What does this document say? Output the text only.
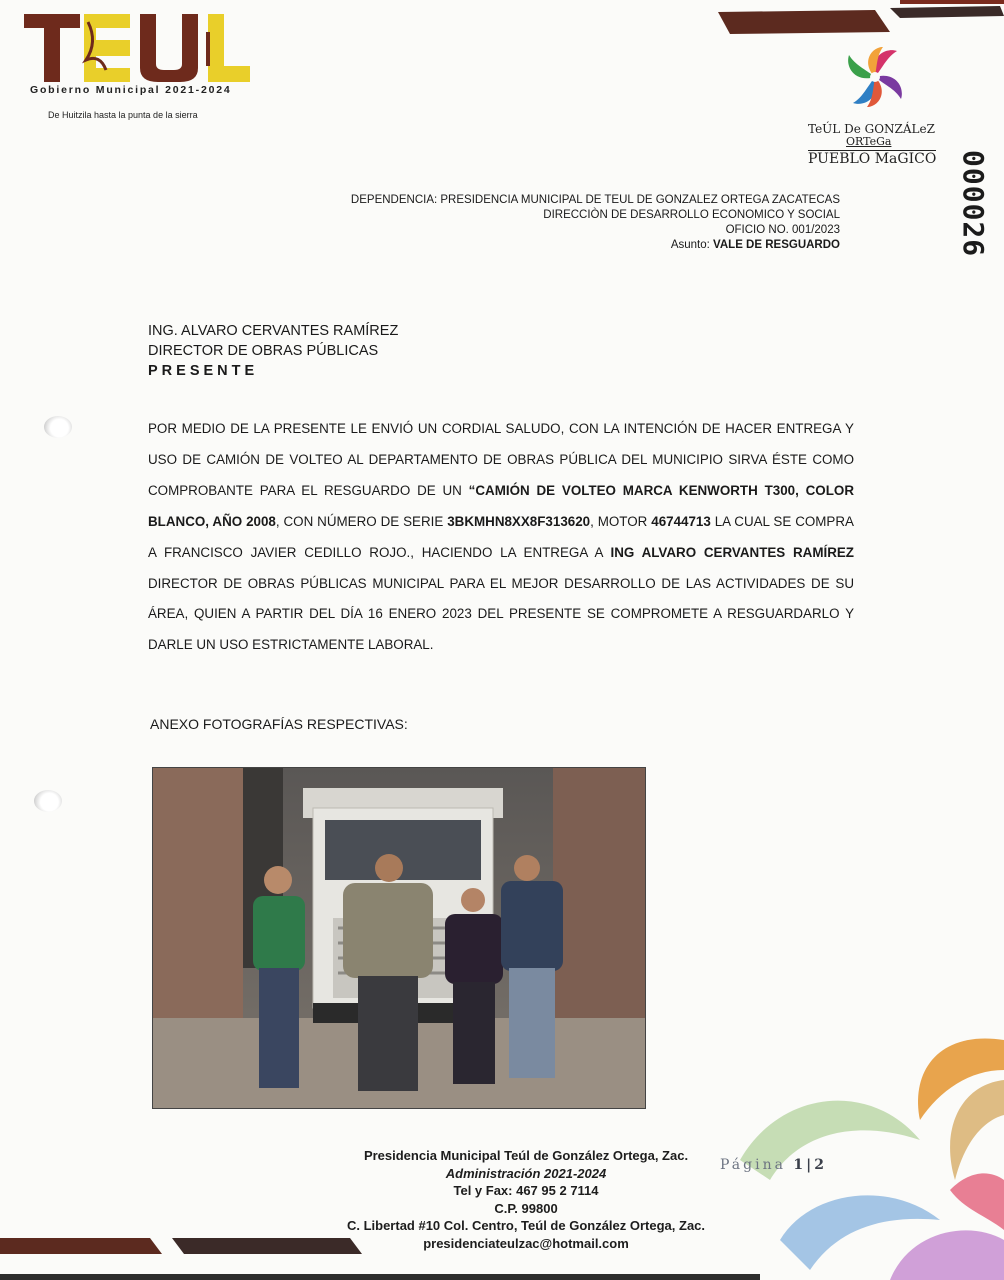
Gobierno Municipal 2021-2024
De Huitzila hasta la punta de la sierra
TeÚL De GONZÁLeZ
ORTeGa
PUEBLO MaGICO 000026
DEPENDENCIA: PRESIDENCIA MUNICIPAL DE TEUL DE GONZALEZ ORTEGA ZACATECAS
DIRECCIÒN DE DESARROLLO ECONOMICO Y SOCIAL
OFICIO NO. 001/2023
Asunto: VALE DE RESGUARDO
ING. ALVARO CERVANTES RAMÍREZ
DIRECTOR DE OBRAS PÚBLICAS
PRESENTE
POR MEDIO DE LA PRESENTE LE ENVIÓ UN CORDIAL SALUDO, CON LA INTENCIÓN DE HACER ENTREGA Y USO DE CAMIÓN DE VOLTEO AL DEPARTAMENTO DE OBRAS PÚBLICA DEL MUNICIPIO SIRVA ÉSTE COMO COMPROBANTE PARA EL RESGUARDO DE UN “CAMIÓN DE VOLTEO MARCA KENWORTH T300, COLOR BLANCO, AÑO 2008, CON NÚMERO DE SERIE 3BKMHN8XX8F313620, MOTOR 46744713 LA CUAL SE COMPRA A FRANCISCO JAVIER CEDILLO ROJO., HACIENDO LA ENTREGA A ING ALVARO CERVANTES RAMÍREZ DIRECTOR DE OBRAS PÚBLICAS MUNICIPAL PARA EL MEJOR DESARROLLO DE LAS ACTIVIDADES DE SU ÁREA, QUIEN A PARTIR DEL DÍA 16 ENERO 2023 DEL PRESENTE SE COMPROMETE A RESGUARDARLO Y DARLE UN USO ESTRICTAMENTE LABORAL.
ANEXO FOTOGRAFÍAS RESPECTIVAS:
Presidencia Municipal Teúl de González Ortega, Zac.
Administración 2021-2024
Tel y Fax: 467 95 2 7114
C.P. 99800
C. Libertad #10 Col. Centro, Teúl de González Ortega, Zac.
presidenciateulzac@hotmail.com
Página 1|2
